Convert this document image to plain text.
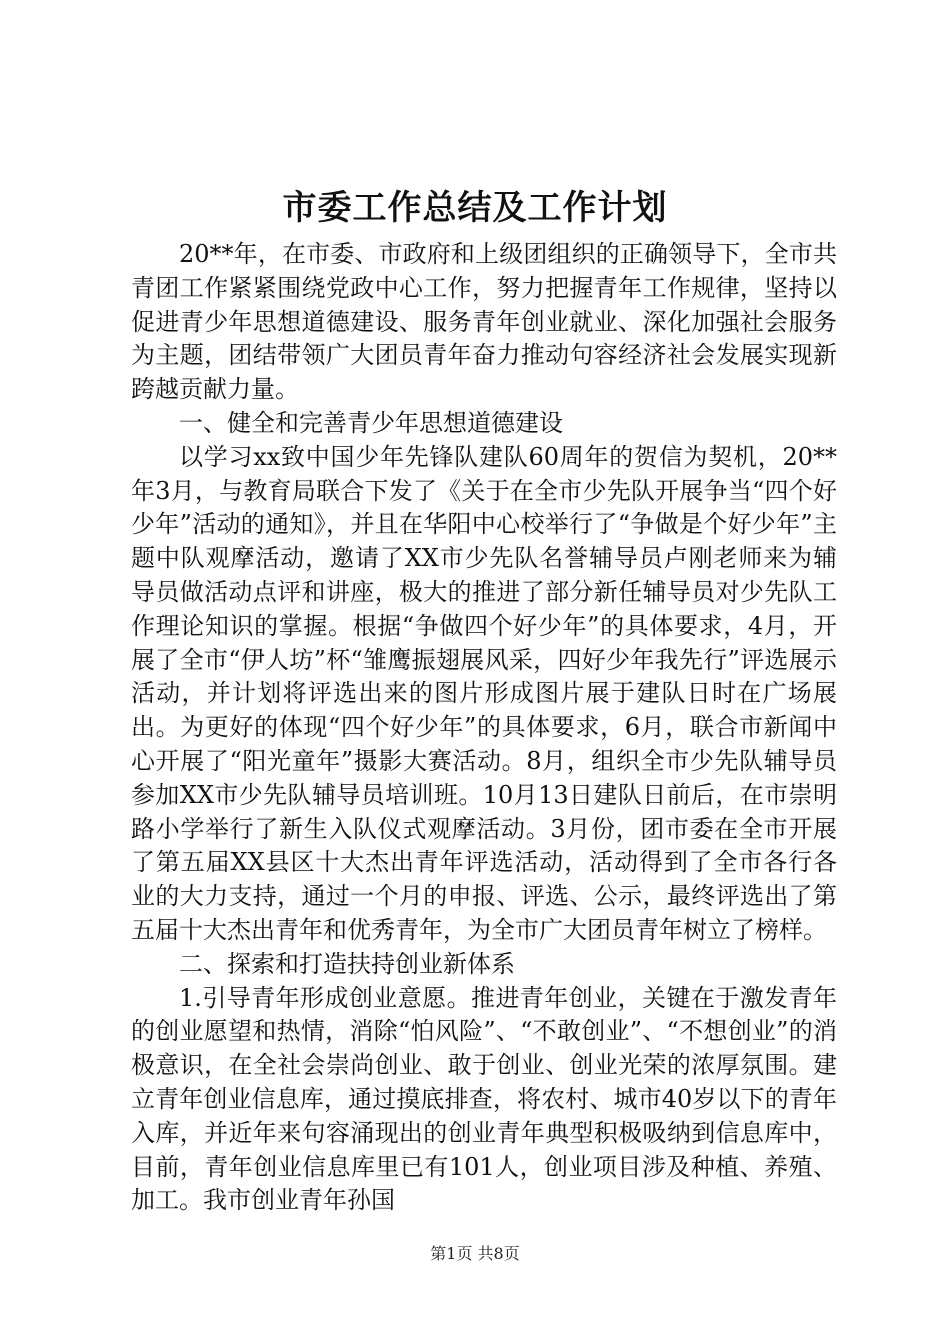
市委工作总结及工作计划

20**年，在市委、市政府和上级团组织的正确领导下，全市共青团工作紧紧围绕党政中心工作，努力把握青年工作规律，坚持以促进青少年思想道德建设、服务青年创业就业、深化加强社会服务为主题，团结带领广大团员青年奋力推动句容经济社会发展实现新跨越贡献力量。

一、健全和完善青少年思想道德建设

以学习xx致中国少年先锋队建队60周年的贺信为契机，20**年3月，与教育局联合下发了《关于在全市少先队开展争当“四个好少年”活动的通知》，并且在华阳中心校举行了“争做是个好少年”主题中队观摩活动，邀请了XX市少先队名誉辅导员卢刚老师来为辅导员做活动点评和讲座，极大的推进了部分新任辅导员对少先队工作理论知识的掌握。根据“争做四个好少年”的具体要求，4月，开展了全市“伊人坊”杯“雏鹰振翅展风采，四好少年我先行”评选展示活动，并计划将评选出来的图片形成图片展于建队日时在广场展出。为更好的体现“四个好少年”的具体要求，6月，联合市新闻中心开展了“阳光童年”摄影大赛活动。8月，组织全市少先队辅导员参加XX市少先队辅导员培训班。10月13日建队日前后，在市崇明路小学举行了新生入队仪式观摩活动。3月份，团市委在全市开展了第五届XX县区十大杰出青年评选活动，活动得到了全市各行各业的大力支持，通过一个月的申报、评选、公示，最终评选出了第五届十大杰出青年和优秀青年，为全市广大团员青年树立了榜样。

二、探索和打造扶持创业新体系

1.引导青年形成创业意愿。推进青年创业，关键在于激发青年的创业愿望和热情，消除“怕风险”、“不敢创业”、“不想创业”的消极意识，在全社会崇尚创业、敢于创业、创业光荣的浓厚氛围。建立青年创业信息库，通过摸底排查，将农村、城市40岁以下的青年入库，并近年来句容涌现出的创业青年典型积极吸纳到信息库中，目前，青年创业信息库里已有101人，创业项目涉及种植、养殖、加工。我市创业青年孙国

第1页 共8页
